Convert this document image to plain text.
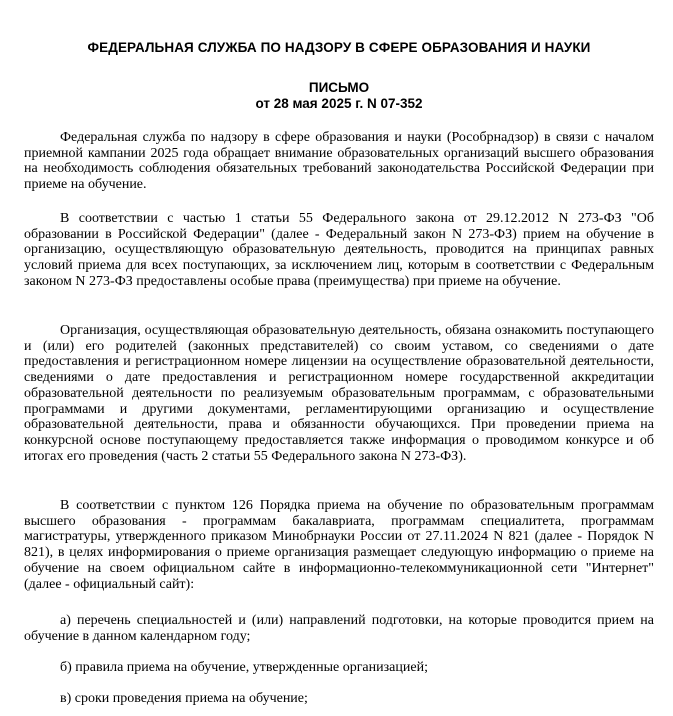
ФЕДЕРАЛЬНАЯ СЛУЖБА ПО НАДЗОРУ В СФЕРЕ ОБРАЗОВАНИЯ И НАУКИ
ПИСЬМО
от 28 мая 2025 г. N 07-352

Федеральная служба по надзору в сфере образования и науки (Рособрнадзор) в связи с началом приемной кампании 2025 года обращает внимание образовательных организаций высшего образования на необходимость соблюдения обязательных требований законодательства Российской Федерации при приеме на обучение.

В соответствии с частью 1 статьи 55 Федерального закона от 29.12.2012 N 273-ФЗ "Об образовании в Российской Федерации" (далее - Федеральный закон N 273-ФЗ) прием на обучение в организацию, осуществляющую образовательную деятельность, проводится на принципах равных условий приема для всех поступающих, за исключением лиц, которым в соответствии с Федеральным законом N 273-ФЗ предоставлены особые права (преимущества) при приеме на обучение.

Организация, осуществляющая образовательную деятельность, обязана ознакомить поступающего и (или) его родителей (законных представителей) со своим уставом, со сведениями о дате предоставления и регистрационном номере лицензии на осуществление образовательной деятельности, сведениями о дате предоставления и регистрационном номере государственной аккредитации образовательной деятельности по реализуемым образовательным программам, с образовательными программами и другими документами, регламентирующими организацию и осуществление образовательной деятельности, права и обязанности обучающихся. При проведении приема на конкурсной основе поступающему предоставляется также информация о проводимом конкурсе и об итогах его проведения (часть 2 статьи 55 Федерального закона N 273-ФЗ).

В соответствии с пунктом 126 Порядка приема на обучение по образовательным программам высшего образования - программам бакалавриата, программам специалитета, программам магистратуры, утвержденного приказом Минобрнауки России от 27.11.2024 N 821 (далее - Порядок N 821), в целях информирования о приеме организация размещает следующую информацию о приеме на обучение на своем официальном сайте в информационно-телекоммуникационной сети "Интернет" (далее - официальный сайт):

а) перечень специальностей и (или) направлений подготовки, на которые проводится прием на обучение в данном календарном году;

б) правила приема на обучение, утвержденные организацией;

в) сроки проведения приема на обучение;
